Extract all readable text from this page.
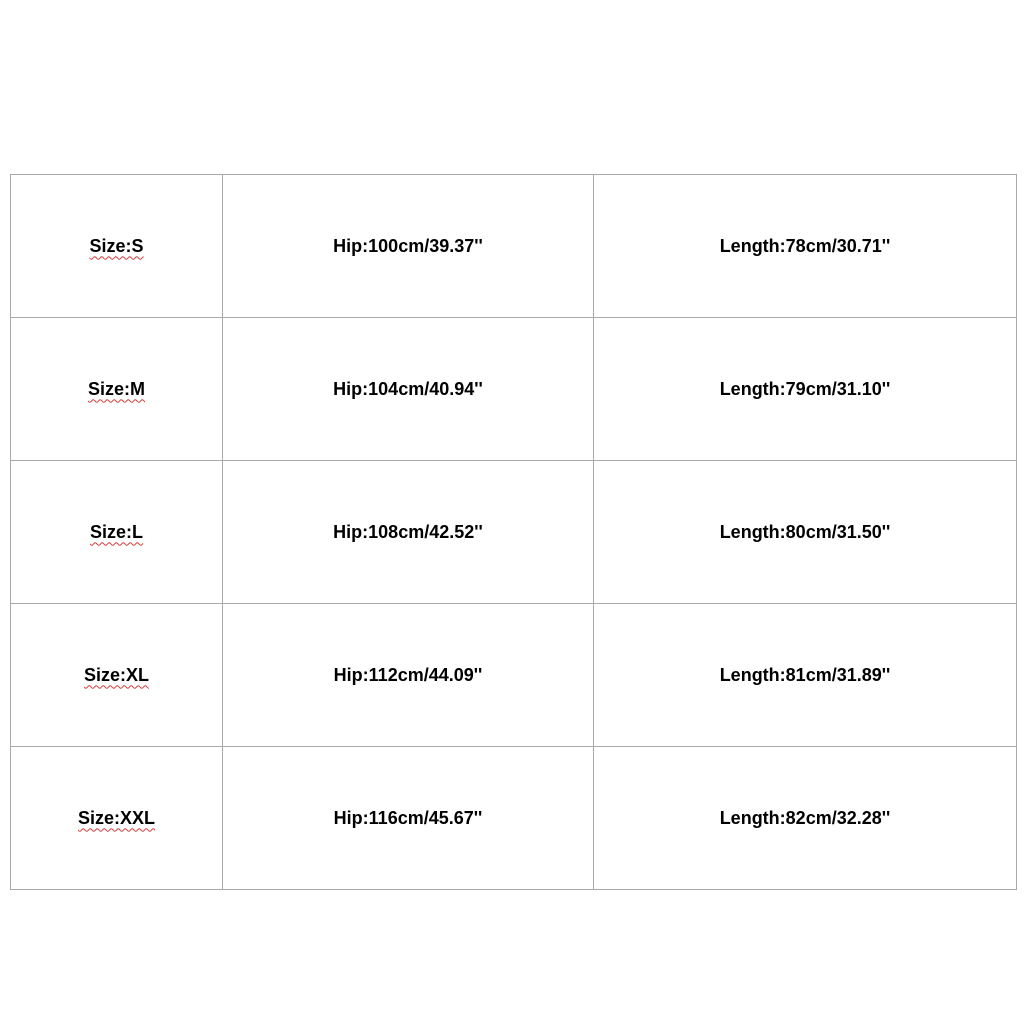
Size:S	Hip:100cm/39.37''	Length:78cm/30.71''
Size:M	Hip:104cm/40.94''	Length:79cm/31.10''
Size:L	Hip:108cm/42.52''	Length:80cm/31.50''
Size:XL	Hip:112cm/44.09''	Length:81cm/31.89''
Size:XXL	Hip:116cm/45.67''	Length:82cm/32.28''
